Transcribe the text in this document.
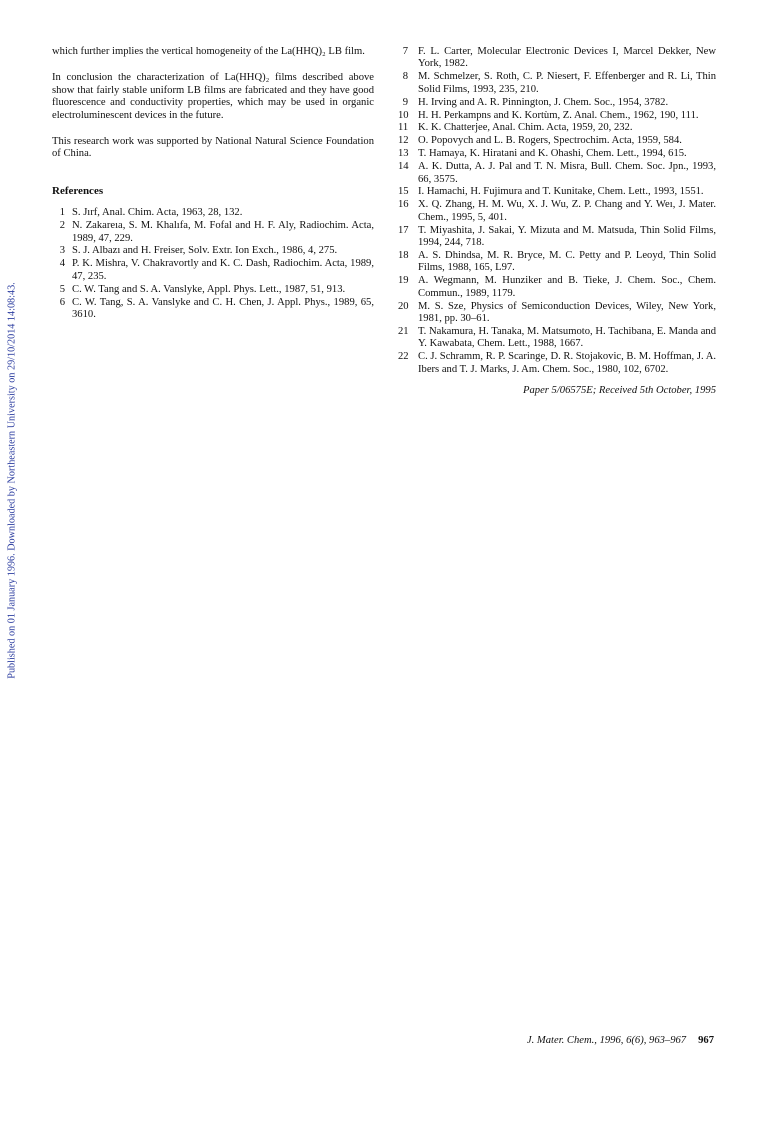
Published on 01 January 1996. Downloaded by Northeastern University on 29/10/2014 14:08:43.

which further implies the vertical homogeneity of the La(HHQ)₂ LB film.

In conclusion the characterization of La(HHQ)₂ films described above show that fairly stable uniform LB films are fabricated and they have good fluorescence and conductivity properties, which may be used in organic electroluminescent devices in the future.

This research work was supported by National Natural Science Foundation of China.

References
1 S. Jırf, Anal. Chim. Acta, 1963, 28, 132.
2 N. Zakareıa, S. M. Khalıfa, M. Fofal and H. F. Aly, Radiochim. Acta, 1989, 47, 229.
3 S. J. Albazı and H. Freiser, Solv. Extr. Ion Exch., 1986, 4, 275.
4 P. K. Mishra, V. Chakravortly and K. C. Dash, Radiochim. Acta, 1989, 47, 235.
5 C. W. Tang and S. A. Vanslyke, Appl. Phys. Lett., 1987, 51, 913.
6 C. W. Tang, S. A. Vanslyke and C. H. Chen, J. Appl. Phys., 1989, 65, 3610.
7 F. L. Carter, Molecular Electronic Devices I, Marcel Dekker, New York, 1982.
8 M. Schmelzer, S. Roth, C. P. Niesert, F. Effenberger and R. Li, Thin Solid Films, 1993, 235, 210.
9 H. Irving and A. R. Pinnington, J. Chem. Soc., 1954, 3782.
10 H. H. Perkampns and K. Kortùm, Z. Anal. Chem., 1962, 190, 111.
11 K. K. Chatterjee, Anal. Chim. Acta, 1959, 20, 232.
12 O. Popovych and L. B. Rogers, Spectrochim. Acta, 1959, 584.
13 T. Hamaya, K. Hiratani and K. Ohashi, Chem. Lett., 1994, 615.
14 A. K. Dutta, A. J. Pal and T. N. Misra, Bull. Chem. Soc. Jpn., 1993, 66, 3575.
15 I. Hamachi, H. Fujimura and T. Kunitake, Chem. Lett., 1993, 1551.
16 X. Q. Zhang, H. M. Wu, X. J. Wu, Z. P. Chang and Y. Weı, J. Mater. Chem., 1995, 5, 401.
17 T. Miyashita, J. Sakai, Y. Mizuta and M. Matsuda, Thin Solid Films, 1994, 244, 718.
18 A. S. Dhindsa, M. R. Bryce, M. C. Petty and P. Leoyd, Thin Solid Films, 1988, 165, L97.
19 A. Wegmann, M. Hunziker and B. Tieke, J. Chem. Soc., Chem. Commun., 1989, 1179.
20 M. S. Sze, Physics of Semiconduction Devices, Wiley, New York, 1981, pp. 30–61.
21 T. Nakamura, H. Tanaka, M. Matsumoto, H. Tachibana, E. Manda and Y. Kawabata, Chem. Lett., 1988, 1667.
22 C. J. Schramm, R. P. Scaringe, D. R. Stojakovic, B. M. Hoffman, J. A. Ibers and T. J. Marks, J. Am. Chem. Soc., 1980, 102, 6702.
Paper 5/06575E; Received 5th October, 1995
J. Mater. Chem., 1996, 6(6), 963–967 967
